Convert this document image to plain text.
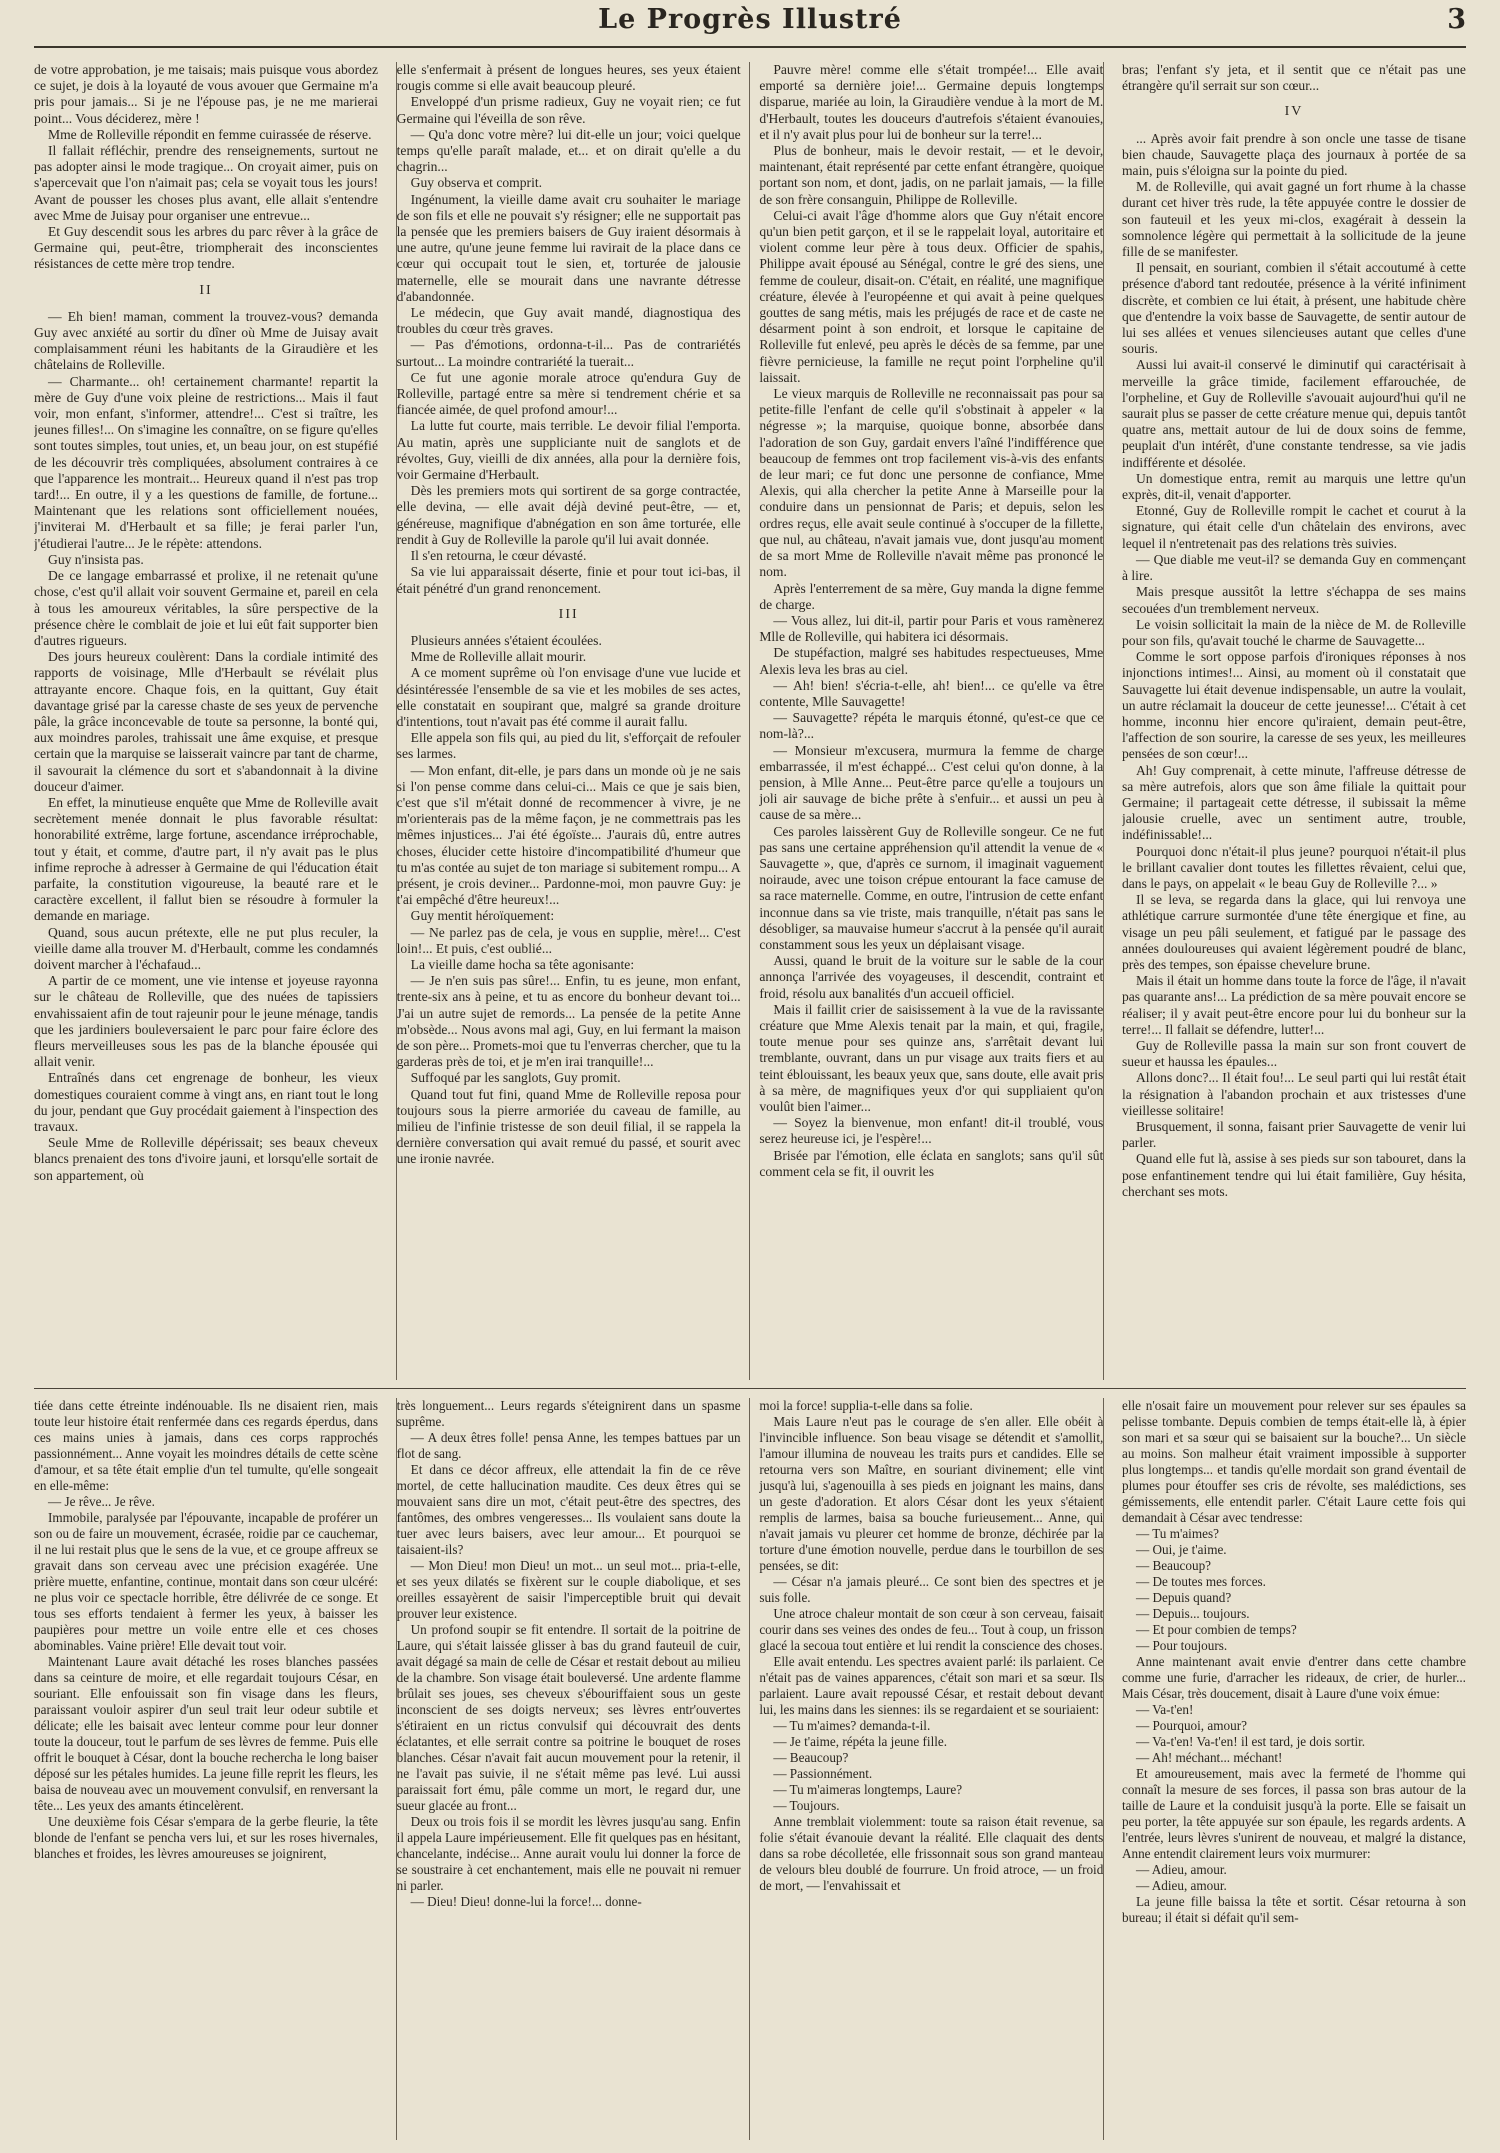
Le Progrès Illustré	3

de votre approbation, je me taisais; mais puisque vous abordez ce sujet, je dois à la loyauté de vous avouer que Germaine m'a pris pour jamais... Si je ne l'épouse pas, je ne me marierai point... Vous déciderez, mère !

Mme de Rolleville répondit en femme cuirassée de réserve.

Il fallait réfléchir, prendre des renseignements, surtout ne pas adopter ainsi le mode tragique... On croyait aimer, puis on s'apercevait que l'on n'aimait pas; cela se voyait tous les jours! Avant de pousser les choses plus avant, elle allait s'entendre avec Mme de Juisay pour organiser une entrevue...

Et Guy descendit sous les arbres du parc rêver à la grâce de Germaine qui, peut-être, triompherait des inconscientes résistances de cette mère trop tendre.

II

— Eh bien! maman, comment la trouvez-vous? demanda Guy avec anxiété au sortir du dîner où Mme de Juisay avait complaisamment réuni les habitants de la Giraudière et les châtelains de Rolleville.

— Charmante... oh! certainement charmante! repartit la mère de Guy d'une voix pleine de restrictions... Mais il faut voir, mon enfant, s'informer, attendre!... C'est si traître, les jeunes filles!... On s'imagine les connaître, on se figure qu'elles sont toutes simples, tout unies, et, un beau jour, on est stupéfié de les découvrir très compliquées, absolument contraires à ce que l'apparence les montrait... Heureux quand il n'est pas trop tard!... En outre, il y a les questions de famille, de fortune... Maintenant que les relations sont officiellement nouées, j'inviterai M. d'Herbault et sa fille; je ferai parler l'un, j'étudierai l'autre... Je le répète: attendons.

Guy n'insista pas.

De ce langage embarrassé et prolixe, il ne retenait qu'une chose, c'est qu'il allait voir souvent Germaine et, pareil en cela à tous les amoureux véritables, la sûre perspective de la présence chère le comblait de joie et lui eût fait supporter bien d'autres rigueurs.

Des jours heureux coulèrent: Dans la cordiale intimité des rapports de voisinage, Mlle d'Herbault se révélait plus attrayante encore. Chaque fois, en la quittant, Guy était davantage grisé par la caresse chaste de ses yeux de pervenche pâle, la grâce inconcevable de toute sa personne, la bonté qui, aux moindres paroles, trahissait une âme exquise, et presque certain que la marquise se laisserait vaincre par tant de charme, il savourait la clémence du sort et s'abandonnait à la divine douceur d'aimer.

En effet, la minutieuse enquête que Mme de Rolleville avait secrètement menée donnait le plus favorable résultat: honorabilité extrême, large fortune, ascendance irréprochable, tout y était, et comme, d'autre part, il n'y avait pas le plus infime reproche à adresser à Germaine de qui l'éducation était parfaite, la constitution vigoureuse, la beauté rare et le caractère excellent, il fallut bien se résoudre à formuler la demande en mariage.

Quand, sous aucun prétexte, elle ne put plus reculer, la vieille dame alla trouver M. d'Herbault, comme les condamnés doivent marcher à l'échafaud...

A partir de ce moment, une vie intense et joyeuse rayonna sur le château de Rolleville, que des nuées de tapissiers envahissaient afin de tout rajeunir pour le jeune ménage, tandis que les jardiniers bouleversaient le parc pour faire éclore des fleurs merveilleuses sous les pas de la blanche épousée qui allait venir.

Entraînés dans cet engrenage de bonheur, les vieux domestiques couraient comme à vingt ans, en riant tout le long du jour, pendant que Guy procédait gaiement à l'inspection des travaux.

Seule Mme de Rolleville dépérissait; ses beaux cheveux blancs prenaient des tons d'ivoire jauni, et lorsqu'elle sortait de son appartement, où

elle s'enfermait à présent de longues heures, ses yeux étaient rougis comme si elle avait beaucoup pleuré.

Enveloppé d'un prisme radieux, Guy ne voyait rien; ce fut Germaine qui l'éveilla de son rêve.

— Qu'a donc votre mère? lui dit-elle un jour; voici quelque temps qu'elle paraît malade, et... et on dirait qu'elle a du chagrin...

Guy observa et comprit.

Ingénument, la vieille dame avait cru souhaiter le mariage de son fils et elle ne pouvait s'y résigner; elle ne supportait pas la pensée que les premiers baisers de Guy iraient désormais à une autre, qu'une jeune femme lui ravirait de la place dans ce cœur qui occupait tout le sien, et, torturée de jalousie maternelle, elle se mourait dans une navrante détresse d'abandonnée.

Le médecin, que Guy avait mandé, diagnostiqua des troubles du cœur très graves.

— Pas d'émotions, ordonna-t-il... Pas de contrariétés surtout... La moindre contrariété la tuerait...

Ce fut une agonie morale atroce qu'endura Guy de Rolleville, partagé entre sa mère si tendrement chérie et sa fiancée aimée, de quel profond amour!...

La lutte fut courte, mais terrible. Le devoir filial l'emporta. Au matin, après une suppliciante nuit de sanglots et de révoltes, Guy, vieilli de dix années, alla pour la dernière fois, voir Germaine d'Herbault.

Dès les premiers mots qui sortirent de sa gorge contractée, elle devina, — elle avait déjà deviné peut-être, — et, généreuse, magnifique d'abnégation en son âme torturée, elle rendit à Guy de Rolleville la parole qu'il lui avait donnée.

Il s'en retourna, le cœur dévasté.

Sa vie lui apparaissait déserte, finie et pour tout ici-bas, il était pénétré d'un grand renoncement.

III

Plusieurs années s'étaient écoulées.

Mme de Rolleville allait mourir.

A ce moment suprême où l'on envisage d'une vue lucide et désintéressée l'ensemble de sa vie et les mobiles de ses actes, elle constatait en soupirant que, malgré sa grande droiture d'intentions, tout n'avait pas été comme il aurait fallu.

Elle appela son fils qui, au pied du lit, s'efforçait de refouler ses larmes.

— Mon enfant, dit-elle, je pars dans un monde où je ne sais si l'on pense comme dans celui-ci... Mais ce que je sais bien, c'est que s'il m'était donné de recommencer à vivre, je ne m'orienterais pas de la même façon, je ne commettrais pas les mêmes injustices... J'ai été égoïste... J'aurais dû, entre autres choses, élucider cette histoire d'incompatibilité d'humeur que tu m'as contée au sujet de ton mariage si subitement rompu... A présent, je crois deviner... Pardonne-moi, mon pauvre Guy: je t'ai empêché d'être heureux!...

Guy mentit héroïquement:

— Ne parlez pas de cela, je vous en supplie, mère!... C'est loin!... Et puis, c'est oublié...

La vieille dame hocha sa tête agonisante:

— Je n'en suis pas sûre!... Enfin, tu es jeune, mon enfant, trente-six ans à peine, et tu as encore du bonheur devant toi... J'ai un autre sujet de remords... La pensée de la petite Anne m'obsède... Nous avons mal agi, Guy, en lui fermant la maison de son père... Promets-moi que tu l'enverras chercher, que tu la garderas près de toi, et je m'en irai tranquille!...

Suffoqué par les sanglots, Guy promit.

Quand tout fut fini, quand Mme de Rolleville reposa pour toujours sous la pierre armoriée du caveau de famille, au milieu de l'infinie tristesse de son deuil filial, il se rappela la dernière conversation qui avait remué du passé, et sourit avec une ironie navrée.

Pauvre mère! comme elle s'était trompée!... Elle avait emporté sa dernière joie!... Germaine depuis longtemps disparue, mariée au loin, la Giraudière vendue à la mort de M. d'Herbault, toutes les douceurs d'autrefois s'étaient évanouies, et il n'y avait plus pour lui de bonheur sur la terre!...

Plus de bonheur, mais le devoir restait, — et le devoir, maintenant, était représenté par cette enfant étrangère, quoique portant son nom, et dont, jadis, on ne parlait jamais, — la fille de son frère consanguin, Philippe de Rolleville.

Celui-ci avait l'âge d'homme alors que Guy n'était encore qu'un bien petit garçon, et il se le rappelait loyal, autoritaire et violent comme leur père à tous deux. Officier de spahis, Philippe avait épousé au Sénégal, contre le gré des siens, une femme de couleur, disait-on. C'était, en réalité, une magnifique créature, élevée à l'européenne et qui avait à peine quelques gouttes de sang métis, mais les préjugés de race et de caste ne désarment point à son endroit, et lorsque le capitaine de Rolleville fut enlevé, peu après le décès de sa femme, par une fièvre pernicieuse, la famille ne reçut point l'orpheline qu'il laissait.

Le vieux marquis de Rolleville ne reconnaissait pas pour sa petite-fille l'enfant de celle qu'il s'obstinait à appeler « la négresse »; la marquise, quoique bonne, absorbée dans l'adoration de son Guy, gardait envers l'aîné l'indifférence que beaucoup de femmes ont trop facilement vis-à-vis des enfants de leur mari; ce fut donc une personne de confiance, Mme Alexis, qui alla chercher la petite Anne à Marseille pour la conduire dans un pensionnat de Paris; et depuis, selon les ordres reçus, elle avait seule continué à s'occuper de la fillette, que nul, au château, n'avait jamais vue, dont jusqu'au moment de sa mort Mme de Rolleville n'avait même pas prononcé le nom.

Après l'enterrement de sa mère, Guy manda la digne femme de charge.

— Vous allez, lui dit-il, partir pour Paris et vous ramènerez Mlle de Rolleville, qui habitera ici désormais.

De stupéfaction, malgré ses habitudes respectueuses, Mme Alexis leva les bras au ciel.

— Ah! bien! s'écria-t-elle, ah! bien!... ce qu'elle va être contente, Mlle Sauvagette!

— Sauvagette? répéta le marquis étonné, qu'est-ce que ce nom-là?...

— Monsieur m'excusera, murmura la femme de charge embarrassée, il m'est échappé... C'est celui qu'on donne, à la pension, à Mlle Anne... Peut-être parce qu'elle a toujours un joli air sauvage de biche prête à s'enfuir... et aussi un peu à cause de sa mère...

Ces paroles laissèrent Guy de Rolleville songeur. Ce ne fut pas sans une certaine appréhension qu'il attendit la venue de « Sauvagette », que, d'après ce surnom, il imaginait vaguement noiraude, avec une toison crépue entourant la face camuse de sa race maternelle. Comme, en outre, l'intrusion de cette enfant inconnue dans sa vie triste, mais tranquille, n'était pas sans le désobliger, sa mauvaise humeur s'accrut à la pensée qu'il aurait constamment sous les yeux un déplaisant visage.

Aussi, quand le bruit de la voiture sur le sable de la cour annonça l'arrivée des voyageuses, il descendit, contraint et froid, résolu aux banalités d'un accueil officiel.

Mais il faillit crier de saisissement à la vue de la ravissante créature que Mme Alexis tenait par la main, et qui, fragile, toute menue pour ses quinze ans, s'arrêtait devant lui tremblante, ouvrant, dans un pur visage aux traits fiers et au teint éblouissant, les beaux yeux que, sans doute, elle avait pris à sa mère, de magnifiques yeux d'or qui suppliaient qu'on voulût bien l'aimer...

— Soyez la bienvenue, mon enfant! dit-il troublé, vous serez heureuse ici, je l'espère!...

Brisée par l'émotion, elle éclata en sanglots; sans qu'il sût comment cela se fit, il ouvrit les

bras; l'enfant s'y jeta, et il sentit que ce n'était pas une étrangère qu'il serrait sur son cœur...

IV

... Après avoir fait prendre à son oncle une tasse de tisane bien chaude, Sauvagette plaça des journaux à portée de sa main, puis s'éloigna sur la pointe du pied.

M. de Rolleville, qui avait gagné un fort rhume à la chasse durant cet hiver très rude, la tête appuyée contre le dossier de son fauteuil et les yeux mi-clos, exagérait à dessein la somnolence légère qui permettait à la sollicitude de la jeune fille de se manifester.

Il pensait, en souriant, combien il s'était accoutumé à cette présence d'abord tant redoutée, présence à la vérité infiniment discrète, et combien ce lui était, à présent, une habitude chère que d'entendre la voix basse de Sauvagette, de sentir autour de lui ses allées et venues silencieuses autant que celles d'une souris.

Aussi lui avait-il conservé le diminutif qui caractérisait à merveille la grâce timide, facilement effarouchée, de l'orpheline, et Guy de Rolleville s'avouait aujourd'hui qu'il ne saurait plus se passer de cette créature menue qui, depuis tantôt quatre ans, mettait autour de lui de doux soins de femme, peuplait d'un intérêt, d'une constante tendresse, sa vie jadis indifférente et désolée.

Un domestique entra, remit au marquis une lettre qu'un exprès, dit-il, venait d'apporter.

Etonné, Guy de Rolleville rompit le cachet et courut à la signature, qui était celle d'un châtelain des environs, avec lequel il n'entretenait pas des relations très suivies.

— Que diable me veut-il? se demanda Guy en commençant à lire.

Mais presque aussitôt la lettre s'échappa de ses mains secouées d'un tremblement nerveux.

Le voisin sollicitait la main de la nièce de M. de Rolleville pour son fils, qu'avait touché le charme de Sauvagette...

Comme le sort oppose parfois d'ironiques réponses à nos injonctions intimes!... Ainsi, au moment où il constatait que Sauvagette lui était devenue indispensable, un autre la voulait, un autre réclamait la douceur de cette jeunesse!... C'était à cet homme, inconnu hier encore qu'iraient, demain peut-être, l'affection de son sourire, la caresse de ses yeux, les meilleures pensées de son cœur!...

Ah! Guy comprenait, à cette minute, l'affreuse détresse de sa mère autrefois, alors que son âme filiale la quittait pour Germaine; il partageait cette détresse, il subissait la même jalousie cruelle, avec un sentiment autre, trouble, indéfinissable!...

Pourquoi donc n'était-il plus jeune? pourquoi n'était-il plus le brillant cavalier dont toutes les fillettes rêvaient, celui que, dans le pays, on appelait « le beau Guy de Rolleville ?... »

Il se leva, se regarda dans la glace, qui lui renvoya une athlétique carrure surmontée d'une tête énergique et fine, au visage un peu pâli seulement, et fatigué par le passage des années douloureuses qui avaient légèrement poudré de blanc, près des tempes, son épaisse chevelure brune.

Mais il était un homme dans toute la force de l'âge, il n'avait pas quarante ans!... La prédiction de sa mère pouvait encore se réaliser; il y avait peut-être encore pour lui du bonheur sur la terre!... Il fallait se défendre, lutter!...

Guy de Rolleville passa la main sur son front couvert de sueur et haussa les épaules...

Allons donc?... Il était fou!... Le seul parti qui lui restât était la résignation à l'abandon prochain et aux tristesses d'une vieillesse solitaire!

Brusquement, il sonna, faisant prier Sauvagette de venir lui parler.

Quand elle fut là, assise à ses pieds sur son tabouret, dans la pose enfantinement tendre qui lui était familière, Guy hésita, cherchant ses mots.

tiée dans cette étreinte indénouable. Ils ne disaient rien, mais toute leur histoire était renfermée dans ces regards éperdus, dans ces mains unies à jamais, dans ces corps rapprochés passionnément... Anne voyait les moindres détails de cette scène d'amour, et sa tête était emplie d'un tel tumulte, qu'elle songeait en elle-même:

— Je rêve... Je rêve.

Immobile, paralysée par l'épouvante, incapable de proférer un son ou de faire un mouvement, écrasée, roidie par ce cauchemar, il ne lui restait plus que le sens de la vue, et ce groupe affreux se gravait dans son cerveau avec une précision exagérée. Une prière muette, enfantine, continue, montait dans son cœur ulcéré: ne plus voir ce spectacle horrible, être délivrée de ce songe. Et tous ses efforts tendaient à fermer les yeux, à baisser les paupières pour mettre un voile entre elle et ces choses abominables. Vaine prière! Elle devait tout voir.

Maintenant Laure avait détaché les roses blanches passées dans sa ceinture de moire, et elle regardait toujours César, en souriant. Elle enfouissait son fin visage dans les fleurs, paraissant vouloir aspirer d'un seul trait leur odeur subtile et délicate; elle les baisait avec lenteur comme pour leur donner toute la douceur, tout le parfum de ses lèvres de femme. Puis elle offrit le bouquet à César, dont la bouche rechercha le long baiser déposé sur les pétales humides. La jeune fille reprit les fleurs, les baisa de nouveau avec un mouvement convulsif, en renversant la tête... Les yeux des amants étincelèrent.

Une deuxième fois César s'empara de la gerbe fleurie, la tête blonde de l'enfant se pencha vers lui, et sur les roses hivernales, blanches et froides, les lèvres amoureuses se joignirent,

très longuement... Leurs regards s'éteignirent dans un spasme suprême.

— A deux êtres folle! pensa Anne, les tempes battues par un flot de sang.

Et dans ce décor affreux, elle attendait la fin de ce rêve mortel, de cette hallucination maudite. Ces deux êtres qui se mouvaient sans dire un mot, c'était peut-être des spectres, des fantômes, des ombres vengeresses... Ils voulaient sans doute la tuer avec leurs baisers, avec leur amour... Et pourquoi se taisaient-ils?

— Mon Dieu! mon Dieu! un mot... un seul mot... pria-t-elle, et ses yeux dilatés se fixèrent sur le couple diabolique, et ses oreilles essayèrent de saisir l'imperceptible bruit qui devait prouver leur existence.

Un profond soupir se fit entendre. Il sortait de la poitrine de Laure, qui s'était laissée glisser à bas du grand fauteuil de cuir, avait dégagé sa main de celle de César et restait debout au milieu de la chambre. Son visage était bouleversé. Une ardente flamme brûlait ses joues, ses cheveux s'ébouriffaient sous un geste inconscient de ses doigts nerveux; ses lèvres entr'ouvertes s'étiraient en un rictus convulsif qui découvrait des dents éclatantes, et elle serrait contre sa poitrine le bouquet de roses blanches. César n'avait fait aucun mouvement pour la retenir, il ne l'avait pas suivie, il ne s'était même pas levé. Lui aussi paraissait fort ému, pâle comme un mort, le regard dur, une sueur glacée au front...

Deux ou trois fois il se mordit les lèvres jusqu'au sang. Enfin il appela Laure impérieusement. Elle fit quelques pas en hésitant, chancelante, indécise... Anne aurait voulu lui donner la force de se soustraire à cet enchantement, mais elle ne pouvait ni remuer ni parler.

— Dieu! Dieu! donne-lui la force!... donne-

moi la force! supplia-t-elle dans sa folie.

Mais Laure n'eut pas le courage de s'en aller. Elle obéit à l'invincible influence. Son beau visage se détendit et s'amollit, l'amour illumina de nouveau les traits purs et candides. Elle se retourna vers son Maître, en souriant divinement; elle vint jusqu'à lui, s'agenouilla à ses pieds en joignant les mains, dans un geste d'adoration. Et alors César dont les yeux s'étaient remplis de larmes, baisa sa bouche furieusement... Anne, qui n'avait jamais vu pleurer cet homme de bronze, déchirée par la torture d'une émotion nouvelle, perdue dans le tourbillon de ses pensées, se dit:

— César n'a jamais pleuré... Ce sont bien des spectres et je suis folle.

Une atroce chaleur montait de son cœur à son cerveau, faisait courir dans ses veines des ondes de feu... Tout à coup, un frisson glacé la secoua tout entière et lui rendit la conscience des choses.

Elle avait entendu. Les spectres avaient parlé: ils parlaient. Ce n'était pas de vaines apparences, c'était son mari et sa sœur. Ils parlaient. Laure avait repoussé César, et restait debout devant lui, les mains dans les siennes: ils se regardaient et se souriaient:

— Tu m'aimes? demanda-t-il.

— Je t'aime, répéta la jeune fille.

— Beaucoup?

— Passionnément.

— Tu m'aimeras longtemps, Laure?

— Toujours.

Anne tremblait violemment: toute sa raison était revenue, sa folie s'était évanouie devant la réalité. Elle claquait des dents dans sa robe décolletée, elle frissonnait sous son grand manteau de velours bleu doublé de fourrure. Un froid atroce, — un froid de mort, — l'envahissait et

elle n'osait faire un mouvement pour relever sur ses épaules sa pelisse tombante. Depuis combien de temps était-elle là, à épier son mari et sa sœur qui se baisaient sur la bouche?... Un siècle au moins. Son malheur était vraiment impossible à supporter plus longtemps... et tandis qu'elle mordait son grand éventail de plumes pour étouffer ses cris de révolte, ses malédictions, ses gémissements, elle entendit parler. C'était Laure cette fois qui demandait à César avec tendresse:

— Tu m'aimes?

— Oui, je t'aime.

— Beaucoup?

— De toutes mes forces.

— Depuis quand?

— Depuis... toujours.

— Et pour combien de temps?

— Pour toujours.

Anne maintenant avait envie d'entrer dans cette chambre comme une furie, d'arracher les rideaux, de crier, de hurler... Mais César, très doucement, disait à Laure d'une voix émue:

— Va-t'en!

— Pourquoi, amour?

— Va-t'en! Va-t'en! il est tard, je dois sortir.

— Ah! méchant... méchant!

Et amoureusement, mais avec la fermeté de l'homme qui connaît la mesure de ses forces, il passa son bras autour de la taille de Laure et la conduisit jusqu'à la porte. Elle se faisait un peu porter, la tête appuyée sur son épaule, les regards ardents. A l'entrée, leurs lèvres s'unirent de nouveau, et malgré la distance, Anne entendit clairement leurs voix murmurer:

— Adieu, amour.

— Adieu, amour.

La jeune fille baissa la tête et sortit. César retourna à son bureau; il était si défait qu'il sem-
